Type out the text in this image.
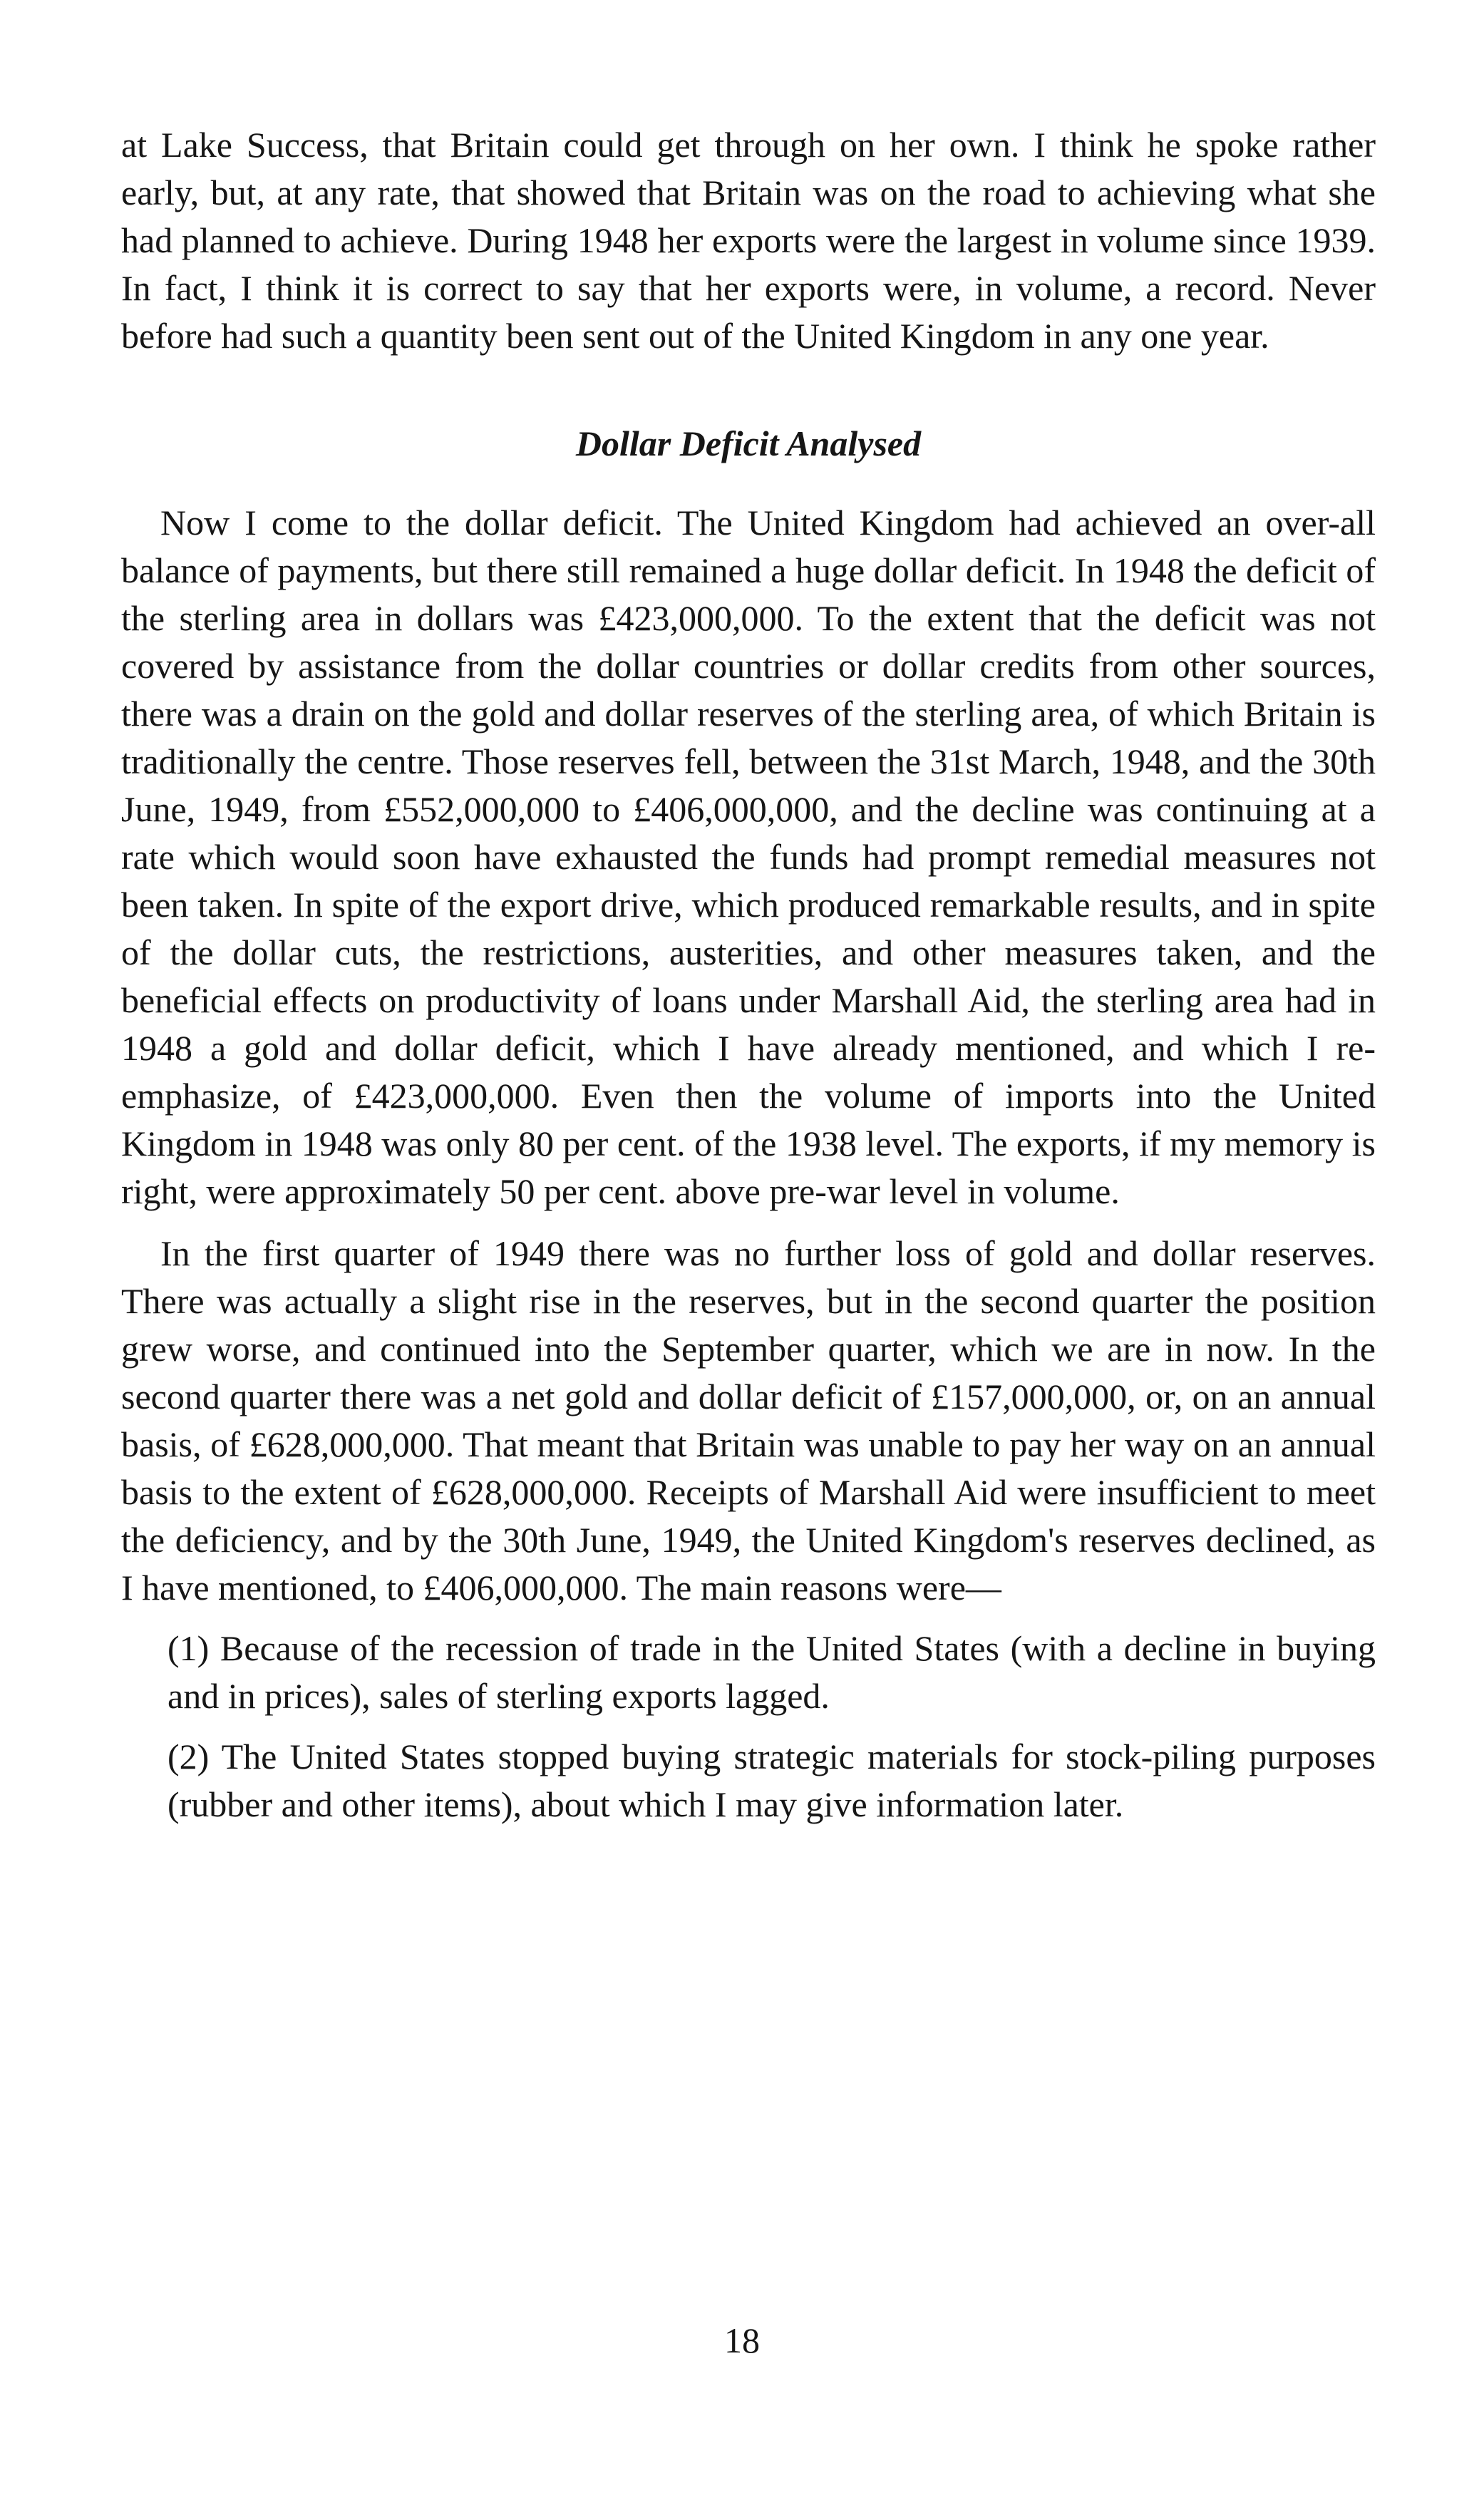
at Lake Success, that Britain could get through on her own. I think he spoke rather early, but, at any rate, that showed that Britain was on the road to achieving what she had planned to achieve. During 1948 her exports were the largest in volume since 1939. In fact, I think it is correct to say that her exports were, in volume, a record. Never before had such a quantity been sent out of the United Kingdom in any one year.

Dollar Deficit Analysed

Now I come to the dollar deficit. The United Kingdom had achieved an over-all balance of payments, but there still remained a huge dollar deficit. In 1948 the deficit of the sterling area in dollars was £423,000,000. To the extent that the deficit was not covered by assistance from the dollar countries or dollar credits from other sources, there was a drain on the gold and dollar reserves of the sterling area, of which Britain is traditionally the centre. Those reserves fell, between the 31st March, 1948, and the 30th June, 1949, from £552,000,000 to £406,000,000, and the decline was continuing at a rate which would soon have exhausted the funds had prompt remedial measures not been taken. In spite of the export drive, which produced remarkable results, and in spite of the dollar cuts, the restrictions, austerities, and other measures taken, and the beneficial effects on productivity of loans under Marshall Aid, the sterling area had in 1948 a gold and dollar deficit, which I have already mentioned, and which I re-emphasize, of £423,000,000. Even then the volume of imports into the United Kingdom in 1948 was only 80 per cent. of the 1938 level. The exports, if my memory is right, were approximately 50 per cent. above pre-war level in volume.

In the first quarter of 1949 there was no further loss of gold and dollar reserves. There was actually a slight rise in the reserves, but in the second quarter the position grew worse, and continued into the September quarter, which we are in now. In the second quarter there was a net gold and dollar deficit of £157,000,000, or, on an annual basis, of £628,000,000. That meant that Britain was unable to pay her way on an annual basis to the extent of £628,000,000. Receipts of Marshall Aid were insufficient to meet the deficiency, and by the 30th June, 1949, the United Kingdom's reserves declined, as I have mentioned, to £406,000,000. The main reasons were—

(1) Because of the recession of trade in the United States (with a decline in buying and in prices), sales of sterling exports lagged.

(2) The United States stopped buying strategic materials for stock-piling purposes (rubber and other items), about which I may give information later.

18
